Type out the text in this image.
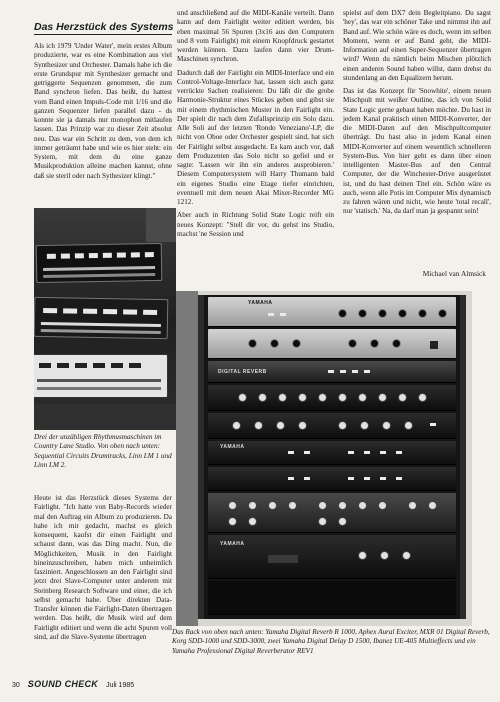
Das Herzstück des Systems

Als ich 1979 'Under Water', mein erstes Album produzierte, war es eine Kombination aus viel Synthesizer und Orchester. Damals habe ich die erste Grundspur mit Synthesizer gemacht und getriggerte Sequenzen genommen, die zum Band synchron liefen. Das heißt, du hattest vom Band einen Impuls-Code mit 1/16 und die ganzen Sequenzer liefen parallel dazu - ds konnte sie ja damals nur monophon mitlaufen lassen. Das Prinzip war zu dieser Zeit absolut neu. Das war ein Schritt zu dem, von dem ich immer geträumt habe und wie es hier steht: ein System, mit dem du eine ganze Musikproduktion alleine machen kannst, ohne daß sie steril oder nach Sythesizer klingt."

Drei der unzähligen Rhythmusmaschinen im Country Lane Studio. Von oben nach unten: Sequential Circuits Drumtracks, Linn LM 1 und Linn LM 2.

Heute ist das Herzstück dieses Systems der Fairlight. "Ich hatte von Baby-Records wieder mal den Auftrag ein Album zu produzieren. Da habe ich mir gedacht, machst es gleich konsequent, kaufst dir einen Fairlight und schaust dann, was das Ding macht. Nun, die Möglichkeiten, Musik in den Fairlight hineinzuschreiben, haben mich unheimlich fasziniert. Angeschlossen an den Fairlight sind jetzt drei Slave-Computer unter anderem mit Steinberg Research Software und einer, die ich selbst gemacht habe. Über direkten Data-Transfer können die Fairlight-Daten übertragen werden. Das heißt, die Musik wird auf dem Fairlight editiert und wenn die acht Spuren voll sind, auf die Slave-Systeme übertragen

und anschließend auf die MIDI-Kanäle verteilt. Dann kann auf dem Fairlight weiter editiert werden, bis eben maximal 56 Spuren (3x16 aus den Computern und 8 vom Fairlight) mit einem Knopfdruck gestartet werden können. Dazu laufen dann vier Drum-Maschinen synchron.

Dadurch daß der Fairlight ein MIDI-Interface und ein Control-Voltage-Interface hat, lassen sich auch ganz verrückte Sachen realisieren: Du läßt dir die grobe Harmonie-Struktur eines Stückes geben und gibst sie mit einem rhythmischen Muster in den Fairlight ein. Der spielt dir nach dem Zufallsprinzip ein Solo dazu. Alle Soli auf der letzten 'Rondo Veneziano'-LP, die nicht von Oboe oder Orchester gespielt sind, hat sich der Fairlight selbst ausgedacht. Es kam auch vor, daß dem Produzenten das Solo nicht so gefiel und er sagte: 'Lassen wir ihn ein anderes ausprobieren.' Diesem Computersystem will Harry Thumann bald ein eigenes Studio eine Etage tiefer einrichten, eventuell mit dem neuen Akai Mixer-Recorder MG 1212.

Aber auch in Richtung Solid State Logic reift ein neues Konzept: "Stell dir vor, du gehst ins Studio, machst 'ne Session und

spielst auf dem DX7 dein Begleitpiano. Du sagst 'hey', das war ein schöner Take und nimmst ihn auf Band auf. Wie schön wäre es doch, wenn im selben Moment, wenn er auf Band geht, die MIDI-Information auf einen Super-Sequenzer übertragen wird? Wenn du nämlich beim Mischen plötzlich einen anderen Sound haben willst, dann drehst du stundenlang an den Equalizern herum.

Das ist das Konzept für 'Snowhite', einem neuen Mischpult mit weißer Outline, das ich von Solid State Logic gerne gebaut haben möchte. Du hast in jedem Kanal praktisch einen MIDI-Konverter, der die MIDI-Daten auf den Mischpultcomputer überträgt. Du hast also in jedem Kanal einen MIDI-Konverter auf einem wesentlich schnelleren System-Bus. Von hier geht es dann über einen intelligenten Master-Bus auf den Central Computer, der die Winchester-Drive ausgerüstet ist, und du hast deinen Titel ein. Schön wäre es auch, wenn alle Potis im Computer Mix dynamisch zu fahren wären und nicht, wie heute 'total recall', nur 'statisch.' Na, da darf man ja gespannt sein!

Michael van Almsick
YAMAHA
DIGITAL REVERB
YAMAHA
YAMAHA
Das Rack von oben nach unten: Yamaha Digital Reverb R 1000, Aphex Aural Exciter, MXR 01 Digital Reverb, Korg SDD-1000 und SDD-3000, zwei Yamaha Digital Delay D 1500, Ibanez UE-405 Multieffects und ein Yamaha Professional Digital Reverberator REV1
30 SOUND CHECK Juli 1985
